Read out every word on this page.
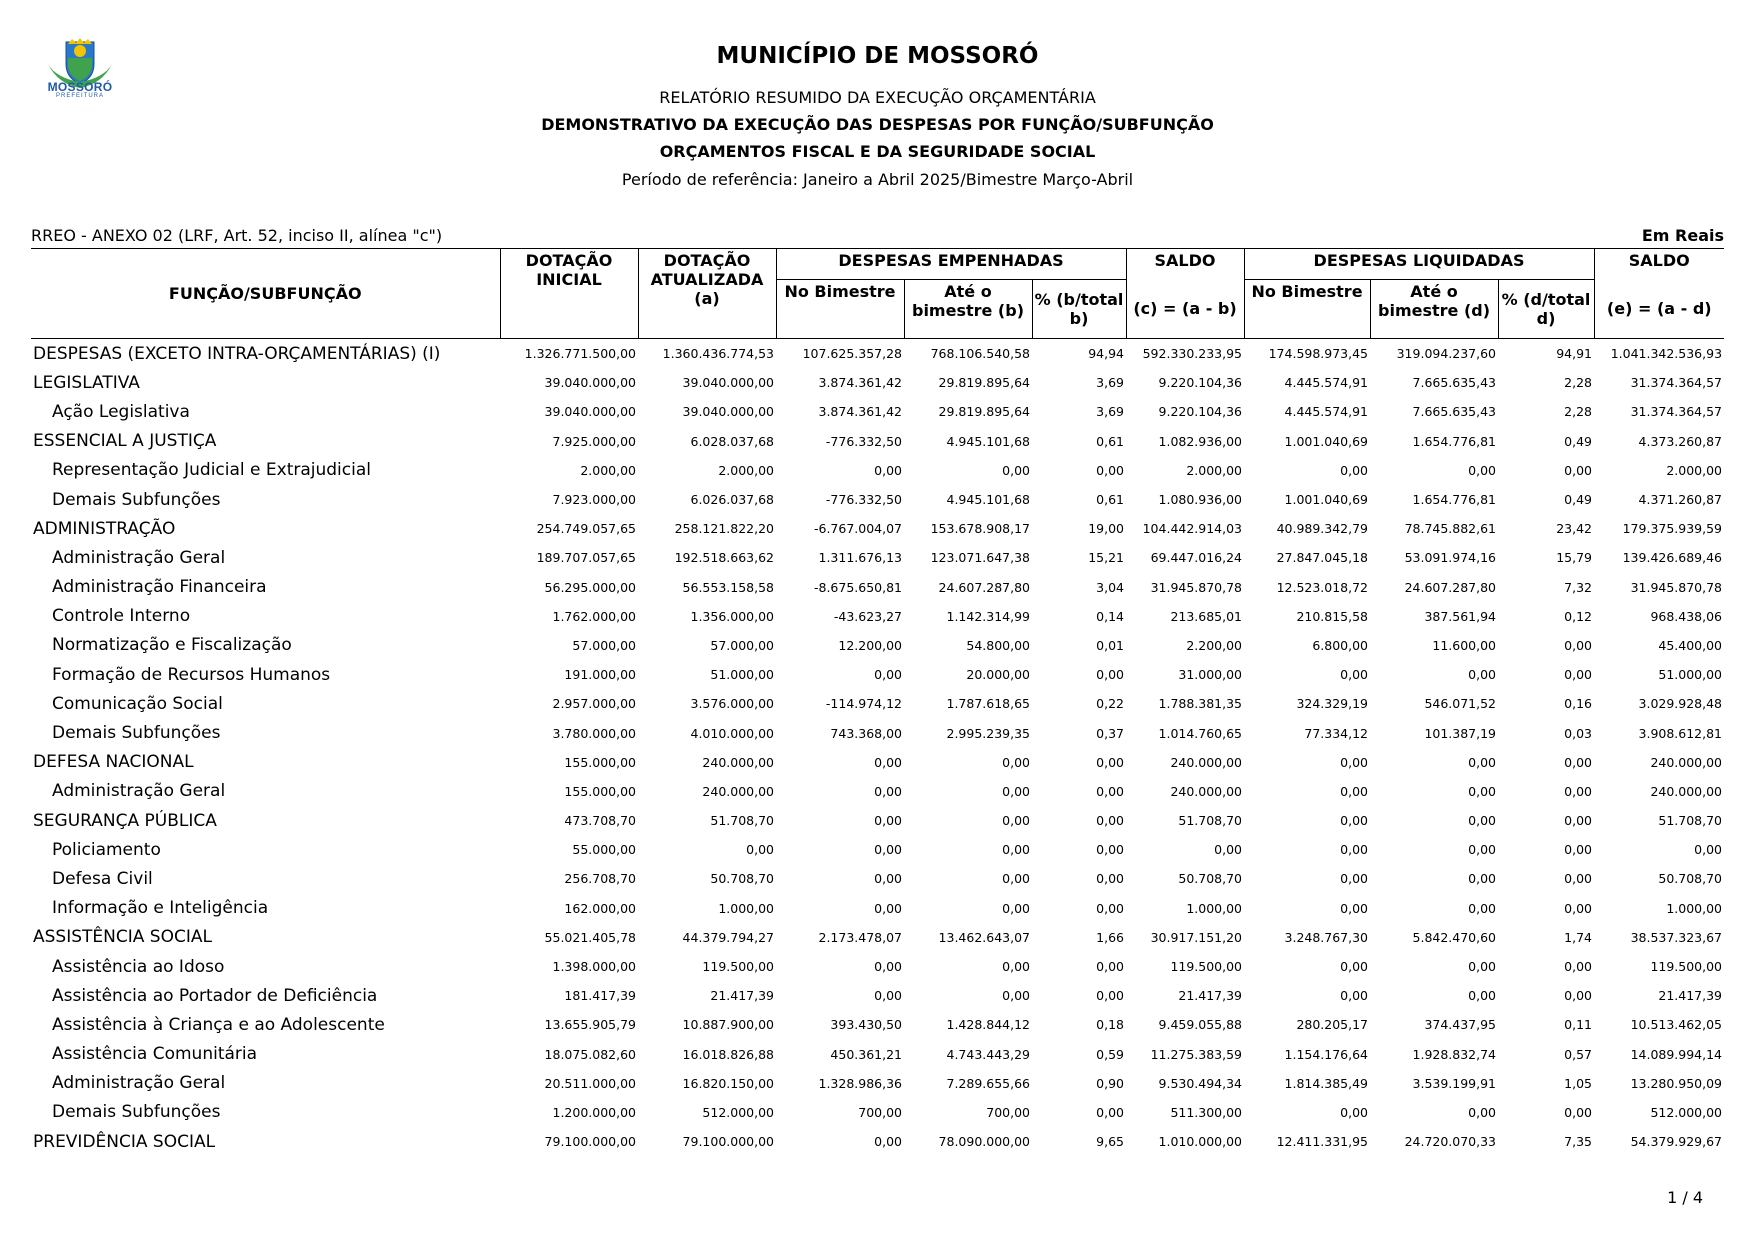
MOSSORÓ
PREFEITURA
MUNICÍPIO DE MOSSORÓ
RELATÓRIO RESUMIDO DA EXECUÇÃO ORÇAMENTÁRIA
DEMONSTRATIVO DA EXECUÇÃO DAS DESPESAS POR FUNÇÃO/SUBFUNÇÃO
ORÇAMENTOS FISCAL E DA SEGURIDADE SOCIAL
Período de referência: Janeiro a Abril 2025/Bimestre Março-Abril
RREO - ANEXO 02 (LRF, Art. 52, inciso II, alínea "c")	Em Reais
FUNÇÃO/SUBFUNÇÃO	DOTAÇÃO INICIAL	DOTAÇÃO ATUALIZADA (a)	DESPESAS EMPENHADAS			SALDO	DESPESAS LIQUIDADAS			SALDO
			No Bimestre	Até o bimestre (b)	% (b/total b)	(c) = (a - b)	No Bimestre	Até o bimestre (d)	% (d/total d)	(e) = (a - d)
DESPESAS (EXCETO INTRA-ORÇAMENTÁRIAS) (I)	1.326.771.500,00	1.360.436.774,53	107.625.357,28	768.106.540,58	94,94	592.330.233,95	174.598.973,45	319.094.237,60	94,91	1.041.342.536,93
LEGISLATIVA	39.040.000,00	39.040.000,00	3.874.361,42	29.819.895,64	3,69	9.220.104,36	4.445.574,91	7.665.635,43	2,28	31.374.364,57
Ação Legislativa	39.040.000,00	39.040.000,00	3.874.361,42	29.819.895,64	3,69	9.220.104,36	4.445.574,91	7.665.635,43	2,28	31.374.364,57
ESSENCIAL A JUSTIÇA	7.925.000,00	6.028.037,68	-776.332,50	4.945.101,68	0,61	1.082.936,00	1.001.040,69	1.654.776,81	0,49	4.373.260,87
Representação Judicial e Extrajudicial	2.000,00	2.000,00	0,00	0,00	0,00	2.000,00	0,00	0,00	0,00	2.000,00
Demais Subfunções	7.923.000,00	6.026.037,68	-776.332,50	4.945.101,68	0,61	1.080.936,00	1.001.040,69	1.654.776,81	0,49	4.371.260,87
ADMINISTRAÇÃO	254.749.057,65	258.121.822,20	-6.767.004,07	153.678.908,17	19,00	104.442.914,03	40.989.342,79	78.745.882,61	23,42	179.375.939,59
Administração Geral	189.707.057,65	192.518.663,62	1.311.676,13	123.071.647,38	15,21	69.447.016,24	27.847.045,18	53.091.974,16	15,79	139.426.689,46
Administração Financeira	56.295.000,00	56.553.158,58	-8.675.650,81	24.607.287,80	3,04	31.945.870,78	12.523.018,72	24.607.287,80	7,32	31.945.870,78
Controle Interno	1.762.000,00	1.356.000,00	-43.623,27	1.142.314,99	0,14	213.685,01	210.815,58	387.561,94	0,12	968.438,06
Normatização e Fiscalização	57.000,00	57.000,00	12.200,00	54.800,00	0,01	2.200,00	6.800,00	11.600,00	0,00	45.400,00
Formação de Recursos Humanos	191.000,00	51.000,00	0,00	20.000,00	0,00	31.000,00	0,00	0,00	0,00	51.000,00
Comunicação Social	2.957.000,00	3.576.000,00	-114.974,12	1.787.618,65	0,22	1.788.381,35	324.329,19	546.071,52	0,16	3.029.928,48
Demais Subfunções	3.780.000,00	4.010.000,00	743.368,00	2.995.239,35	0,37	1.014.760,65	77.334,12	101.387,19	0,03	3.908.612,81
DEFESA NACIONAL	155.000,00	240.000,00	0,00	0,00	0,00	240.000,00	0,00	0,00	0,00	240.000,00
Administração Geral	155.000,00	240.000,00	0,00	0,00	0,00	240.000,00	0,00	0,00	0,00	240.000,00
SEGURANÇA PÚBLICA	473.708,70	51.708,70	0,00	0,00	0,00	51.708,70	0,00	0,00	0,00	51.708,70
Policiamento	55.000,00	0,00	0,00	0,00	0,00	0,00	0,00	0,00	0,00	0,00
Defesa Civil	256.708,70	50.708,70	0,00	0,00	0,00	50.708,70	0,00	0,00	0,00	50.708,70
Informação e Inteligência	162.000,00	1.000,00	0,00	0,00	0,00	1.000,00	0,00	0,00	0,00	1.000,00
ASSISTÊNCIA SOCIAL	55.021.405,78	44.379.794,27	2.173.478,07	13.462.643,07	1,66	30.917.151,20	3.248.767,30	5.842.470,60	1,74	38.537.323,67
Assistência ao Idoso	1.398.000,00	119.500,00	0,00	0,00	0,00	119.500,00	0,00	0,00	0,00	119.500,00
Assistência ao Portador de Deficiência	181.417,39	21.417,39	0,00	0,00	0,00	21.417,39	0,00	0,00	0,00	21.417,39
Assistência à Criança e ao Adolescente	13.655.905,79	10.887.900,00	393.430,50	1.428.844,12	0,18	9.459.055,88	280.205,17	374.437,95	0,11	10.513.462,05
Assistência Comunitária	18.075.082,60	16.018.826,88	450.361,21	4.743.443,29	0,59	11.275.383,59	1.154.176,64	1.928.832,74	0,57	14.089.994,14
Administração Geral	20.511.000,00	16.820.150,00	1.328.986,36	7.289.655,66	0,90	9.530.494,34	1.814.385,49	3.539.199,91	1,05	13.280.950,09
Demais Subfunções	1.200.000,00	512.000,00	700,00	700,00	0,00	511.300,00	0,00	0,00	0,00	512.000,00
PREVIDÊNCIA SOCIAL	79.100.000,00	79.100.000,00	0,00	78.090.000,00	9,65	1.010.000,00	12.411.331,95	24.720.070,33	7,35	54.379.929,67
1 / 4
